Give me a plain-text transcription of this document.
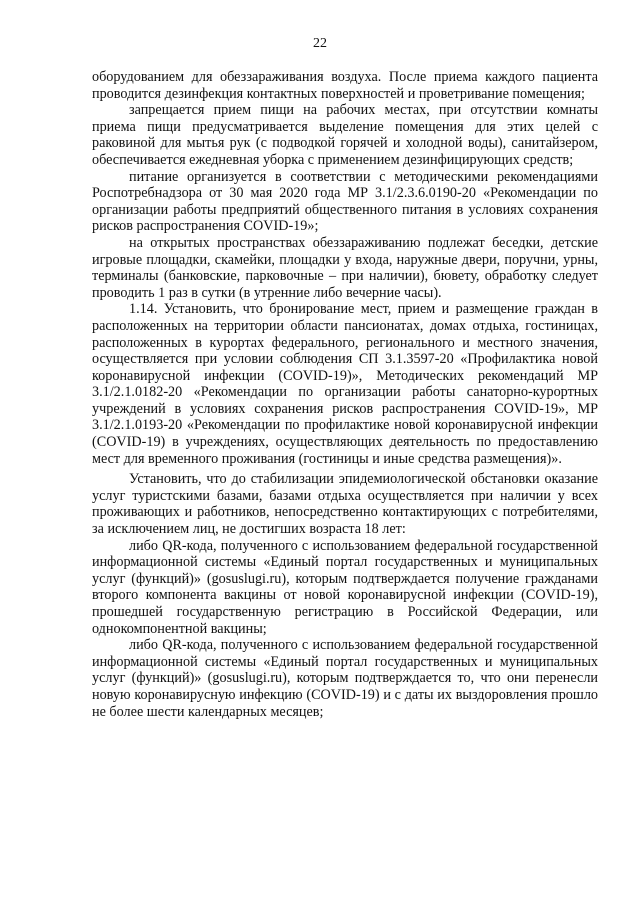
22

оборудованием для обеззараживания воздуха. После приема каждого пациента проводится дезинфекция контактных поверхностей и проветривание помещения;

запрещается прием пищи на рабочих местах, при отсутствии комнаты приема пищи предусматривается выделение помещения для этих целей с раковиной для мытья рук (с подводкой горячей и холодной воды), санитайзером, обеспечивается ежедневная уборка с применением дезинфицирующих средств;

питание организуется в соответствии с методическими рекомендациями Роспотребнадзора от 30 мая 2020 года МР 3.1/2.3.6.0190-20 «Рекомендации по организации работы предприятий общественного питания в условиях сохранения рисков распространения COVID-19»;

на открытых пространствах обеззараживанию подлежат беседки, детские игровые площадки, скамейки, площадки у входа, наружные двери, поручни, урны, терминалы (банковские, парковочные – при наличии), бювету, обработку следует проводить 1 раз в сутки (в утренние либо вечерние часы).

1.14. Установить, что бронирование мест, прием и размещение граждан в расположенных на территории области пансионатах, домах отдыха, гостиницах, расположенных в курортах федерального, регионального и местного значения, осуществляется при условии соблюдения СП 3.1.3597-20 «Профилактика новой коронавирусной инфекции (COVID-19)», Методических рекомендаций МР 3.1/2.1.0182-20 «Рекомендации по организации работы санаторно-курортных учреждений в условиях сохранения рисков распространения COVID-19», МР 3.1/2.1.0193-20 «Рекомендации по профилактике новой коронавирусной инфекции (COVID-19) в учреждениях, осуществляющих деятельность по предоставлению мест для временного проживания (гостиницы и иные средства размещения)».

Установить, что до стабилизации эпидемиологической обстановки оказание услуг туристскими базами, базами отдыха осуществляется при наличии у всех проживающих и работников, непосредственно контактирующих с потребителями, за исключением лиц, не достигших возраста 18 лет:

либо QR-кода, полученного с использованием федеральной государственной информационной системы «Единый портал государственных и муниципальных услуг (функций)» (gosuslugi.ru), которым подтверждается получение гражданами второго компонента вакцины от новой коронавирусной инфекции (COVID-19), прошедшей государственную регистрацию в Российской Федерации, или однокомпонентной вакцины;

либо QR-кода, полученного с использованием федеральной государственной информационной системы «Единый портал государственных и муниципальных услуг (функций)» (gosuslugi.ru), которым подтверждается то, что они перенесли новую коронавирусную инфекцию (COVID-19) и с даты их выздоровления прошло не более шести календарных месяцев;
